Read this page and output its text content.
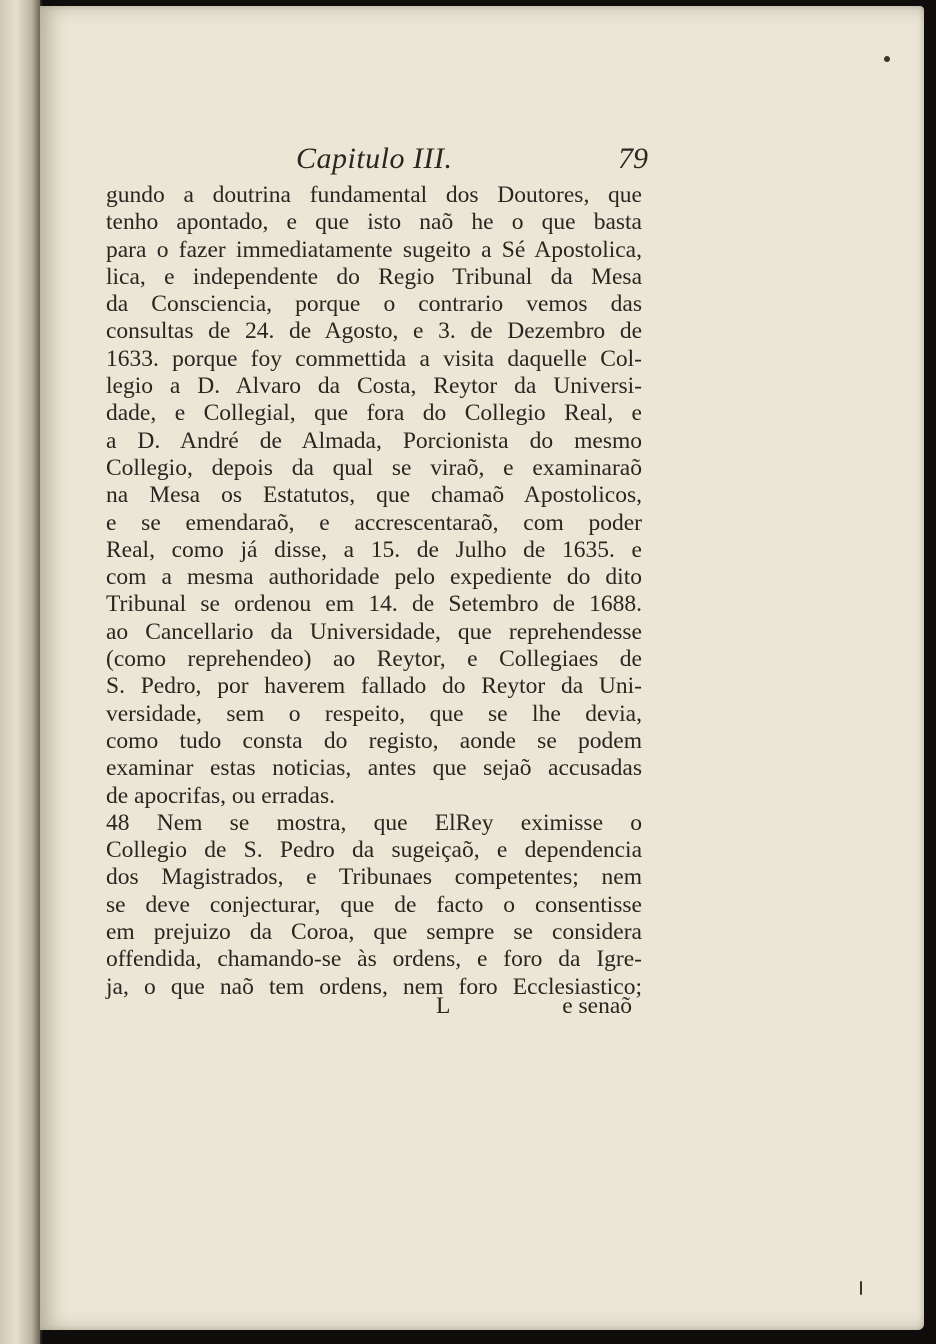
Capitulo III.	79
gundo a doutrina fundamental dos Doutores, que
tenho apontado, e que isto naõ he o que basta
para o fazer immediatamente sugeito a Sé Apostolica,
lica, e independente do Regio Tribunal da Mesa
da Consciencia, porque o contrario vemos das
consultas de 24. de Agosto, e 3. de Dezembro de
1633. porque foy commettida a visita daquelle Col-
legio a D. Alvaro da Costa, Reytor da Universi-
dade, e Collegial, que fora do Collegio Real, e
a D. André de Almada, Porcionista do mesmo
Collegio, depois da qual se viraõ, e examinaraõ
na Mesa os Estatutos, que chamaõ Apostolicos,
e se emendaraõ, e accrescentaraõ, com poder
Real, como já disse, a 15. de Julho de 1635. e
com a mesma authoridade pelo expediente do dito
Tribunal se ordenou em 14. de Setembro de 1688.
ao Cancellario da Universidade, que reprehendesse
(como reprehendeo) ao Reytor, e Collegiaes de
S. Pedro, por haverem fallado do Reytor da Uni-
versidade, sem o respeito, que se lhe devia,
como tudo consta do registo, aonde se podem
examinar estas noticias, antes que sejaõ accusadas
de apocrifas, ou erradas.
48 Nem se mostra, que ElRey eximisse o
Collegio de S. Pedro da sugeiçaõ, e dependencia
dos Magistrados, e Tribunaes competentes; nem
se deve conjecturar, que de facto o consentisse
em prejuizo da Coroa, que sempre se considera
offendida, chamando-se às ordens, e foro da Igre-
ja, o que naõ tem ordens, nem foro Ecclesiastico;
L	e senaõ
